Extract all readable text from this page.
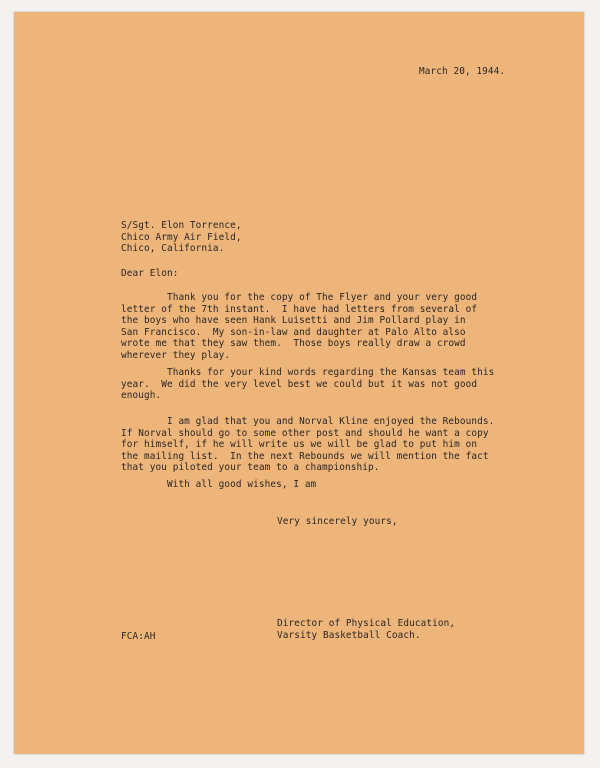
March 20, 1944.
S/Sgt. Elon Torrence,
Chico Army Air Field,
Chico, California.
Dear Elon:
Thank you for the copy of The Flyer and your very good
letter of the 7th instant.  I have had letters from several of
the boys who have seen Hank Luisetti and Jim Pollard play in
San Francisco.  My son-in-law and daughter at Palo Alto also
wrote me that they saw them.  Those boys really draw a crowd
wherever they play.
Thanks for your kind words regarding the Kansas team this
year.  We did the very level best we could but it was not good
enough.
I am glad that you and Norval Kline enjoyed the Rebounds.
If Norval should go to some other post and should he want a copy
for himself, if he will write us we will be glad to put him on
the mailing list.  In the next Rebounds we will mention the fact
that you piloted your team to a championship.
With all good wishes, I am
Very sincerely yours,
Director of Physical Education,
Varsity Basketball Coach.
FCA:AH
